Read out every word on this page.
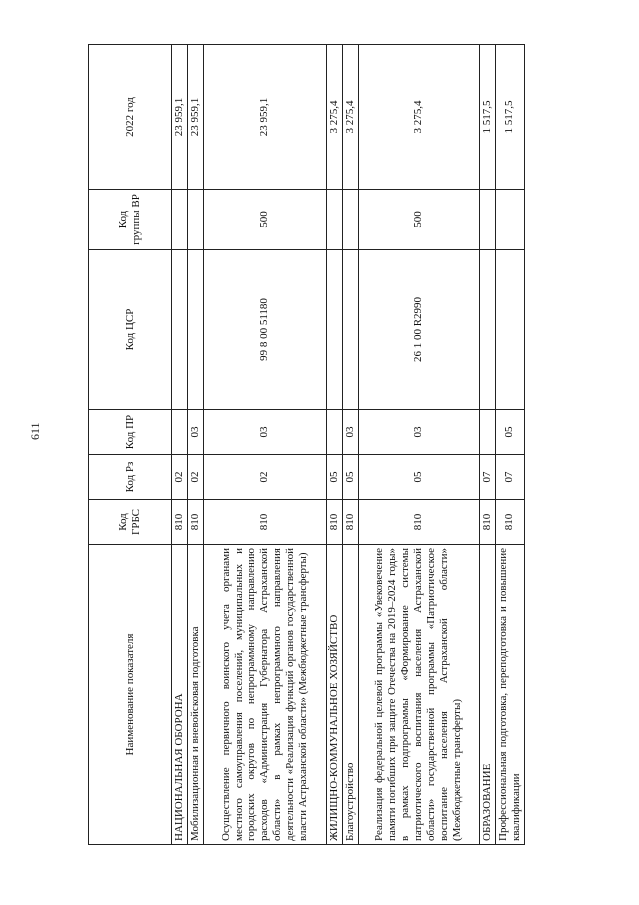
611
Наименование показателя	Код ГРБС	Код Рз	Код ПР	Код ЦСР	Код группы ВР	2022 год
НАЦИОНАЛЬНАЯ ОБОРОНА	810	02				23 959,1
Мобилизационная и вневойсковая подготовка	810	02	03			23 959,1
Осуществление первичного воинского учета органами местного самоуправления поселений, муниципальных и городских округов по непрограммному направлению расходов «Администрация Губернатора Астраханской области» в рамках непрограммного направления деятельности «Реализация функций органов государственной власти Астраханской области» (Межбюджетные трансферты)	810	02	03	99 8 00 51180	500	23 959,1
ЖИЛИЩНО-КОММУНАЛЬНОЕ ХОЗЯЙСТВО	810	05				3 275,4
Благоустройство	810	05	03			3 275,4
Реализация федеральной целевой программы «Увековечение памяти погибших при защите Отечества на 2019–2024 годы» в рамках подпрограммы «Формирование системы патриотического воспитания населения Астраханской области» государственной программы «Патриотическое воспитание населения Астраханской области» (Межбюджетные трансферты)	810	05	03	26 1 00 R2990	500	3 275,4
ОБРАЗОВАНИЕ	810	07				1 517,5
Профессиональная подготовка, переподготовка и повышение квалификации	810	07	05			1 517,5
